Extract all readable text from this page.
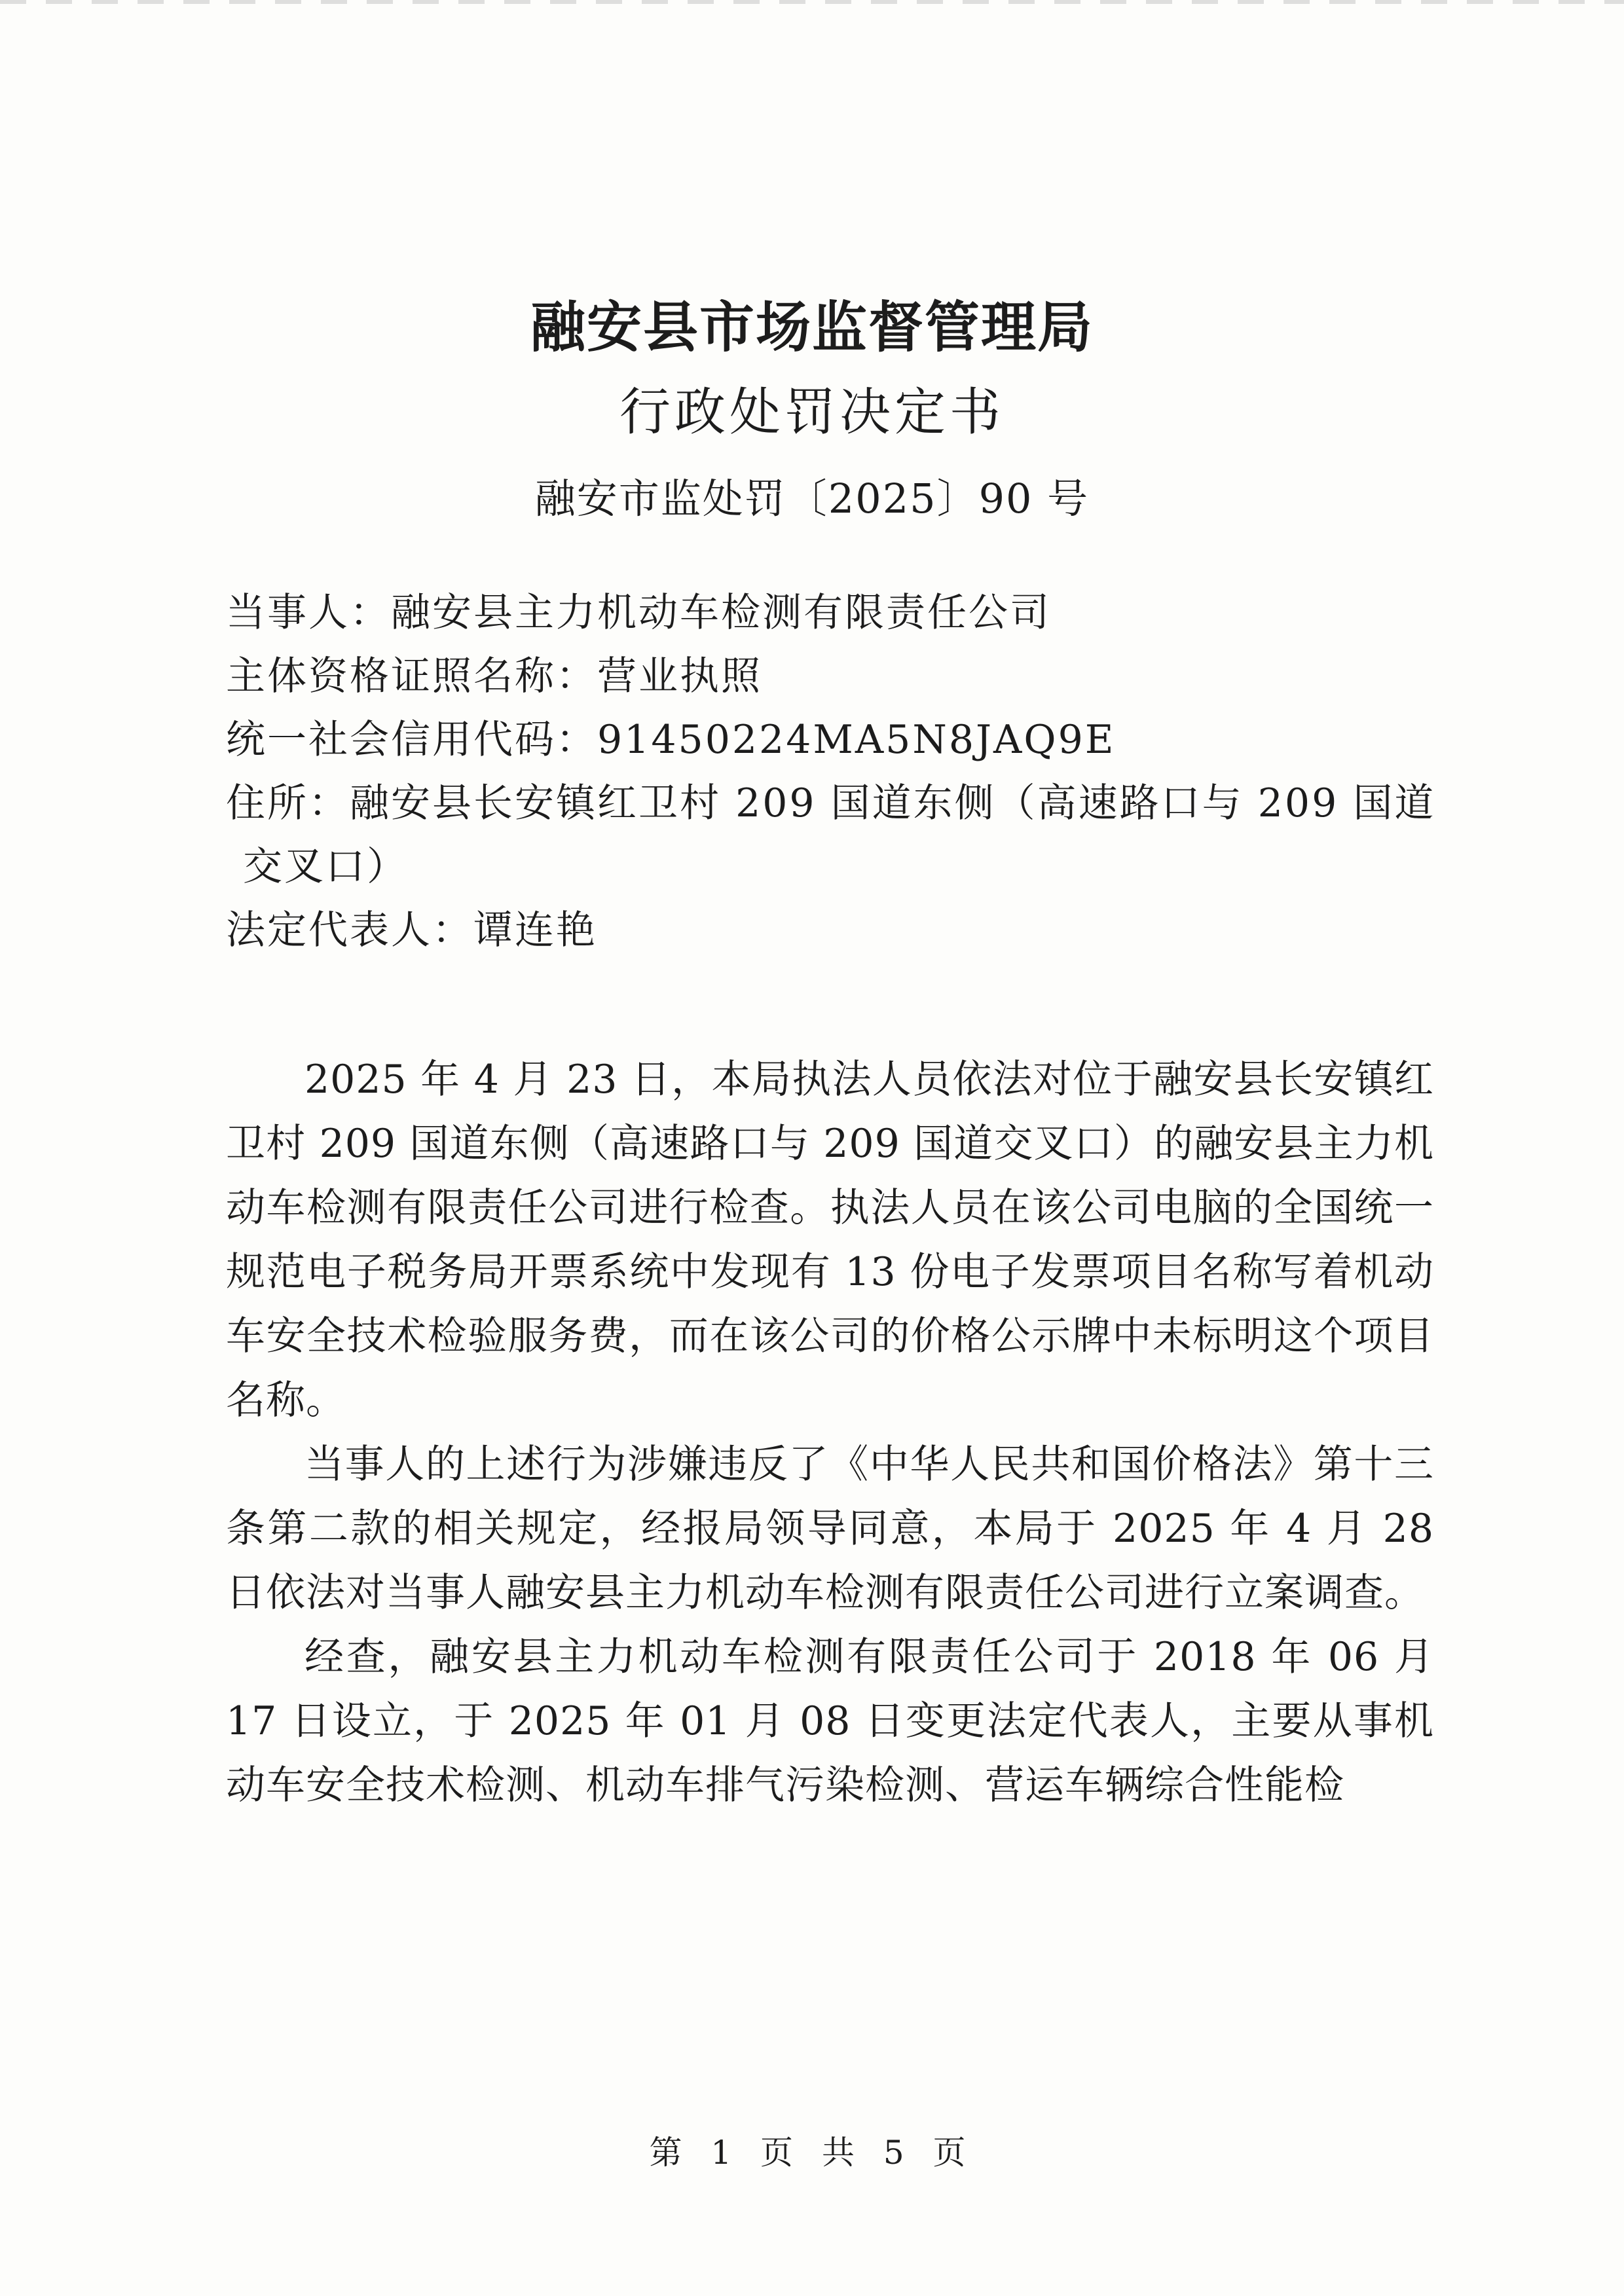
融安县市场监督管理局
行政处罚决定书
融安市监处罚〔2025〕90 号
当事人：融安县主力机动车检测有限责任公司
主体资格证照名称：营业执照
统一社会信用代码：91450224MA5N8JAQ9E
住所：融安县长安镇红卫村 209 国道东侧（高速路口与 209 国道
交叉口）
法定代表人：谭连艳

2025 年 4 月 23 日，本局执法人员依法对位于融安县长安镇红卫村 209 国道东侧（高速路口与 209 国道交叉口）的融安县主力机动车检测有限责任公司进行检查。执法人员在该公司电脑的全国统一规范电子税务局开票系统中发现有 13 份电子发票项目名称写着机动车安全技术检验服务费，而在该公司的价格公示牌中未标明这个项目名称。

当事人的上述行为涉嫌违反了《中华人民共和国价格法》第十三条第二款的相关规定，经报局领导同意，本局于 2025 年 4 月 28 日依法对当事人融安县主力机动车检测有限责任公司进行立案调查。

经查，融安县主力机动车检测有限责任公司于 2018 年 06 月 17 日设立，于 2025 年 01 月 08 日变更法定代表人，主要从事机动车安全技术检测、机动车排气污染检测、营运车辆综合性能检

第 1 页 共 5 页
